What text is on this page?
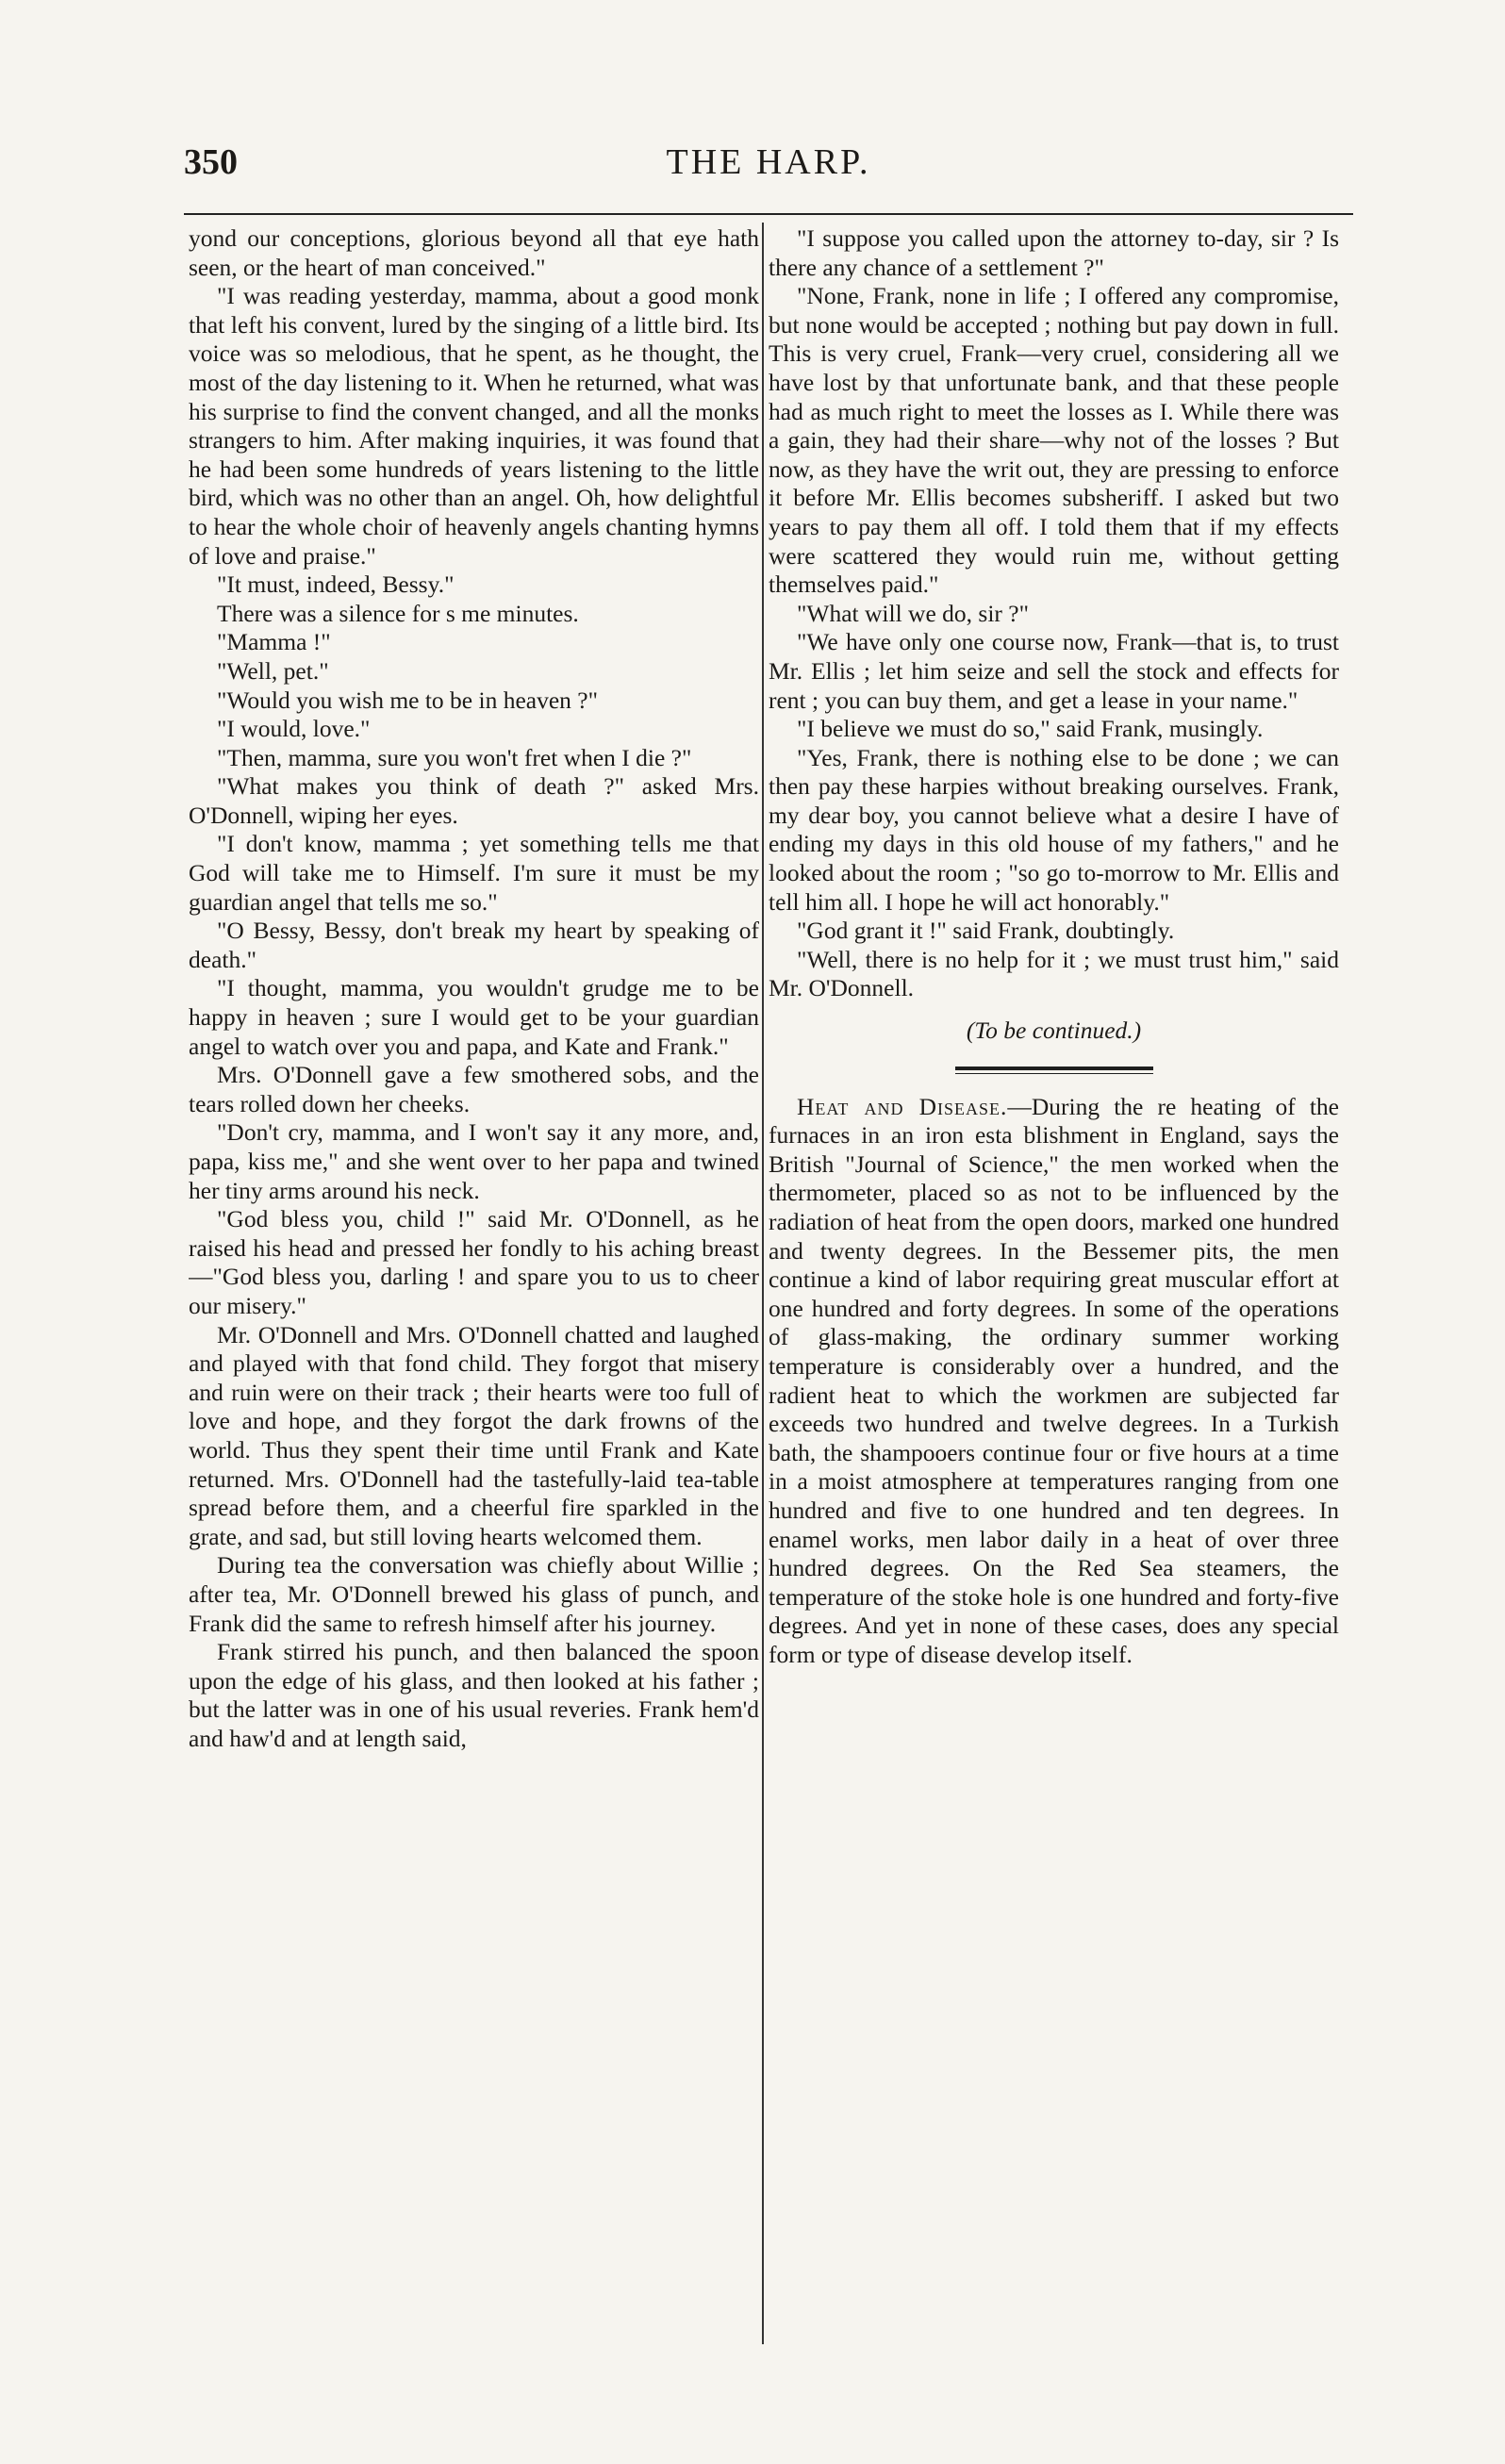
350	THE HARP.

yond our conceptions, glorious beyond all that eye hath seen, or the heart of man conceived."

"I was reading yesterday, mamma, about a good monk that left his convent, lured by the singing of a little bird. Its voice was so melodious, that he spent, as he thought, the most of the day listening to it. When he returned, what was his surprise to find the convent changed, and all the monks strangers to him. After making inquiries, it was found that he had been some hundreds of years listening to the little bird, which was no other than an angel. Oh, how delightful to hear the whole choir of heavenly angels chanting hymns of love and praise."

"It must, indeed, Bessy."

There was a silence for s me minutes.

"Mamma !"

"Well, pet."

"Would you wish me to be in heaven ?"

"I would, love."

"Then, mamma, sure you won't fret when I die ?"

"What makes you think of death ?" asked Mrs. O'Donnell, wiping her eyes.

"I don't know, mamma ; yet something tells me that God will take me to Himself. I'm sure it must be my guardian angel that tells me so."

"O Bessy, Bessy, don't break my heart by speaking of death."

"I thought, mamma, you wouldn't grudge me to be happy in heaven ; sure I would get to be your guardian angel to watch over you and papa, and Kate and Frank."

Mrs. O'Donnell gave a few smothered sobs, and the tears rolled down her cheeks.

"Don't cry, mamma, and I won't say it any more, and, papa, kiss me," and she went over to her papa and twined her tiny arms around his neck.

"God bless you, child !" said Mr. O'Donnell, as he raised his head and pressed her fondly to his aching breast—"God bless you, darling ! and spare you to us to cheer our misery."

Mr. O'Donnell and Mrs. O'Donnell chatted and laughed and played with that fond child. They forgot that misery and ruin were on their track ; their hearts were too full of love and hope, and they forgot the dark frowns of the world. Thus they spent their time until Frank and Kate returned. Mrs. O'Donnell had the tastefully-laid tea-table spread before them, and a cheerful fire sparkled in the grate, and sad, but still loving hearts welcomed them.

During tea the conversation was chiefly about Willie ; after tea, Mr. O'Donnell brewed his glass of punch, and Frank did the same to refresh himself after his journey.

Frank stirred his punch, and then balanced the spoon upon the edge of his glass, and then looked at his father ; but the latter was in one of his usual reveries. Frank hem'd and haw'd and at length said,

"I suppose you called upon the attorney to-day, sir ? Is there any chance of a settlement ?"

"None, Frank, none in life ; I offered any compromise, but none would be accepted ; nothing but pay down in full. This is very cruel, Frank—very cruel, considering all we have lost by that unfortunate bank, and that these people had as much right to meet the losses as I. While there was a gain, they had their share—why not of the losses ? But now, as they have the writ out, they are pressing to enforce it before Mr. Ellis becomes subsheriff. I asked but two years to pay them all off. I told them that if my effects were scattered they would ruin me, without getting themselves paid."

"What will we do, sir ?"

"We have only one course now, Frank—that is, to trust Mr. Ellis ; let him seize and sell the stock and effects for rent ; you can buy them, and get a lease in your name."

"I believe we must do so," said Frank, musingly.

"Yes, Frank, there is nothing else to be done ; we can then pay these harpies without breaking ourselves. Frank, my dear boy, you cannot believe what a desire I have of ending my days in this old house of my fathers," and he looked about the room ; "so go to-morrow to Mr. Ellis and tell him all. I hope he will act honorably."

"God grant it !" said Frank, doubtingly.

"Well, there is no help for it ; we must trust him," said Mr. O'Donnell.

(To be continued.)

Heat and Disease.—During the re heating of the furnaces in an iron esta blishment in England, says the British "Journal of Science," the men worked when the thermometer, placed so as not to be influenced by the radiation of heat from the open doors, marked one hundred and twenty degrees. In the Bessemer pits, the men continue a kind of labor requiring great muscular effort at one hundred and forty degrees. In some of the operations of glass-making, the ordinary summer working temperature is considerably over a hundred, and the radient heat to which the workmen are subjected far exceeds two hundred and twelve degrees. In a Turkish bath, the shampooers continue four or five hours at a time in a moist atmosphere at temperatures ranging from one hundred and five to one hundred and ten degrees. In enamel works, men labor daily in a heat of over three hundred degrees. On the Red Sea steamers, the temperature of the stoke hole is one hundred and forty-five degrees. And yet in none of these cases, does any special form or type of disease develop itself.
